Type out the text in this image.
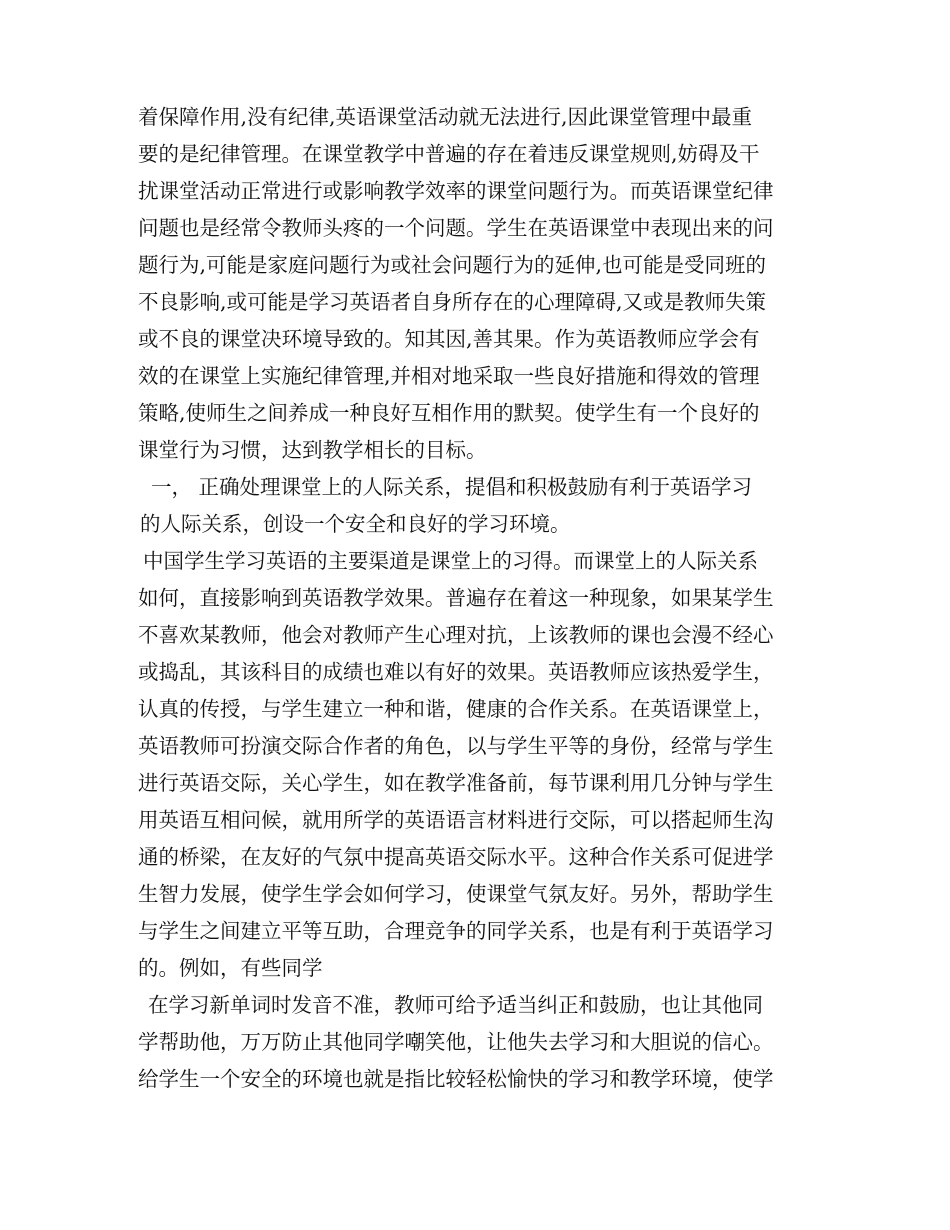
着保障作用,没有纪律,英语课堂活动就无法进行,因此课堂管理中最重

要的是纪律管理。在课堂教学中普遍的存在着违反课堂规则,妨碍及干

扰课堂活动正常进行或影响教学效率的课堂问题行为。而英语课堂纪律

问题也是经常令教师头疼的一个问题。学生在英语课堂中表现出来的问

题行为,可能是家庭问题行为或社会问题行为的延伸,也可能是受同班的

不良影响,或可能是学习英语者自身所存在的心理障碍,又或是教师失策

或不良的课堂决环境导致的。知其因,善其果。作为英语教师应学会有

效的在课堂上实施纪律管理,并相对地采取一些良好措施和得效的管理

策略,使师生之间养成一种良好互相作用的默契。使学生有一个良好的

课堂行为习惯，达到教学相长的目标。

一， 正确处理课堂上的人际关系，提倡和积极鼓励有利于英语学习

的人际关系，创设一个安全和良好的学习环境。

中国学生学习英语的主要渠道是课堂上的习得。而课堂上的人际关系

如何，直接影响到英语教学效果。普遍存在着这一种现象，如果某学生

不喜欢某教师，他会对教师产生心理对抗，上该教师的课也会漫不经心

或捣乱，其该科目的成绩也难以有好的效果。英语教师应该热爱学生，

认真的传授，与学生建立一种和谐，健康的合作关系。在英语课堂上，

英语教师可扮演交际合作者的角色，以与学生平等的身份，经常与学生

进行英语交际，关心学生，如在教学准备前，每节课利用几分钟与学生

用英语互相问候，就用所学的英语语言材料进行交际，可以搭起师生沟

通的桥梁，在友好的气氛中提高英语交际水平。这种合作关系可促进学

生智力发展，使学生学会如何学习，使课堂气氛友好。另外，帮助学生

与学生之间建立平等互助，合理竞争的同学关系，也是有利于英语学习

的。例如，有些同学

在学习新单词时发音不准，教师可给予适当纠正和鼓励，也让其他同

学帮助他，万万防止其他同学嘲笑他，让他失去学习和大胆说的信心。

给学生一个安全的环境也就是指比较轻松愉快的学习和教学环境，使学
